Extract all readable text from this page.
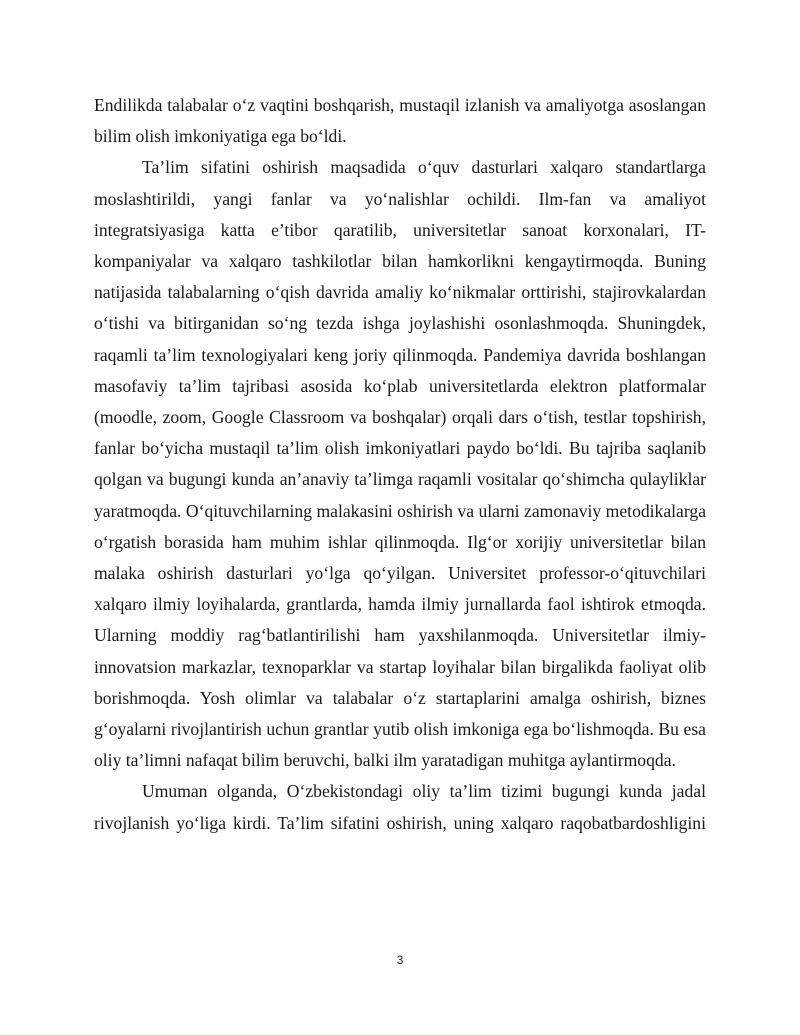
Endilikda talabalar o‘z vaqtini boshqarish, mustaqil izlanish va amaliyotga asoslangan bilim olish imkoniyatiga ega bo‘ldi.

Ta’lim sifatini oshirish maqsadida o‘quv dasturlari xalqaro standartlarga moslashtirildi, yangi fanlar va yo‘nalishlar ochildi. Ilm-fan va amaliyot integratsiyasiga katta e’tibor qaratilib, universitetlar sanoat korxonalari, IT-kompaniyalar va xalqaro tashkilotlar bilan hamkorlikni kengaytirmoqda. Buning natijasida talabalarning o‘qish davrida amaliy ko‘nikmalar orttirishi, stajirovkalardan o‘tishi va bitirganidan so‘ng tezda ishga joylashishi osonlashmoqda. Shuningdek, raqamli ta’lim texnologiyalari keng joriy qilinmoqda. Pandemiya davrida boshlangan masofaviy ta’lim tajribasi asosida ko‘plab universitetlarda elektron platformalar (moodle, zoom, Google Classroom va boshqalar) orqali dars o‘tish, testlar topshirish, fanlar bo‘yicha mustaqil ta’lim olish imkoniyatlari paydo bo‘ldi. Bu tajriba saqlanib qolgan va bugungi kunda an’anaviy ta’limga raqamli vositalar qo‘shimcha qulayliklar yaratmoqda. O‘qituvchilarning malakasini oshirish va ularni zamonaviy metodikalarga o‘rgatish borasida ham muhim ishlar qilinmoqda. Ilg‘or xorijiy universitetlar bilan malaka oshirish dasturlari yo‘lga qo‘yilgan. Universitet professor-o‘qituvchilari xalqaro ilmiy loyihalarda, grantlarda, hamda ilmiy jurnallarda faol ishtirok etmoqda. Ularning moddiy rag‘batlantirilishi ham yaxshilanmoqda. Universitetlar ilmiy-innovatsion markazlar, texnoparklar va startap loyihalar bilan birgalikda faoliyat olib borishmoqda. Yosh olimlar va talabalar o‘z startaplarini amalga oshirish, biznes g‘oyalarni rivojlantirish uchun grantlar yutib olish imkoniga ega bo‘lishmoqda. Bu esa oliy ta’limni nafaqat bilim beruvchi, balki ilm yaratadigan muhitga aylantirmoqda.

Umuman olganda, O‘zbekistondagi oliy ta’lim tizimi bugungi kunda jadal rivojlanish yo‘liga kirdi. Ta’lim sifatini oshirish, uning xalqaro raqobatbardoshligini

3
